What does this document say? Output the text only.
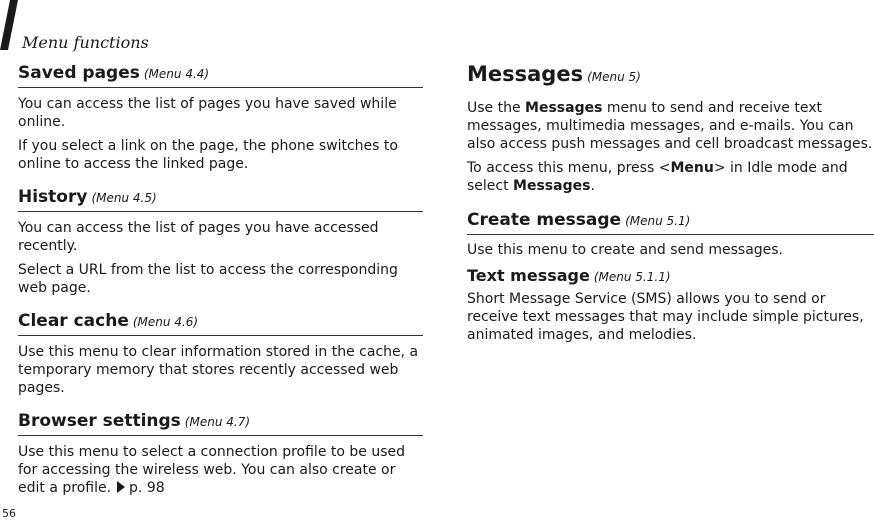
Menu functions
Saved pages (Menu 4.4)

You can access the list of pages you have saved while online.

If you select a link on the page, the phone switches to online to access the linked page.

History (Menu 4.5)

You can access the list of pages you have accessed recently.

Select a URL from the list to access the corresponding web page.

Clear cache (Menu 4.6)

Use this menu to clear information stored in the cache, a temporary memory that stores recently accessed web pages.

Browser settings (Menu 4.7)

Use this menu to select a connection profile to be used for accessing the wireless web. You can also create or edit a profile. p. 98

Messages (Menu 5)

Use the Messages menu to send and receive text messages, multimedia messages, and e-mails. You can also access push messages and cell broadcast messages.

To access this menu, press <Menu> in Idle mode and select Messages.

Create message (Menu 5.1)

Use this menu to create and send messages.

Text message (Menu 5.1.1)

Short Message Service (SMS) allows you to send or receive text messages that may include simple pictures, animated images, and melodies.

56
